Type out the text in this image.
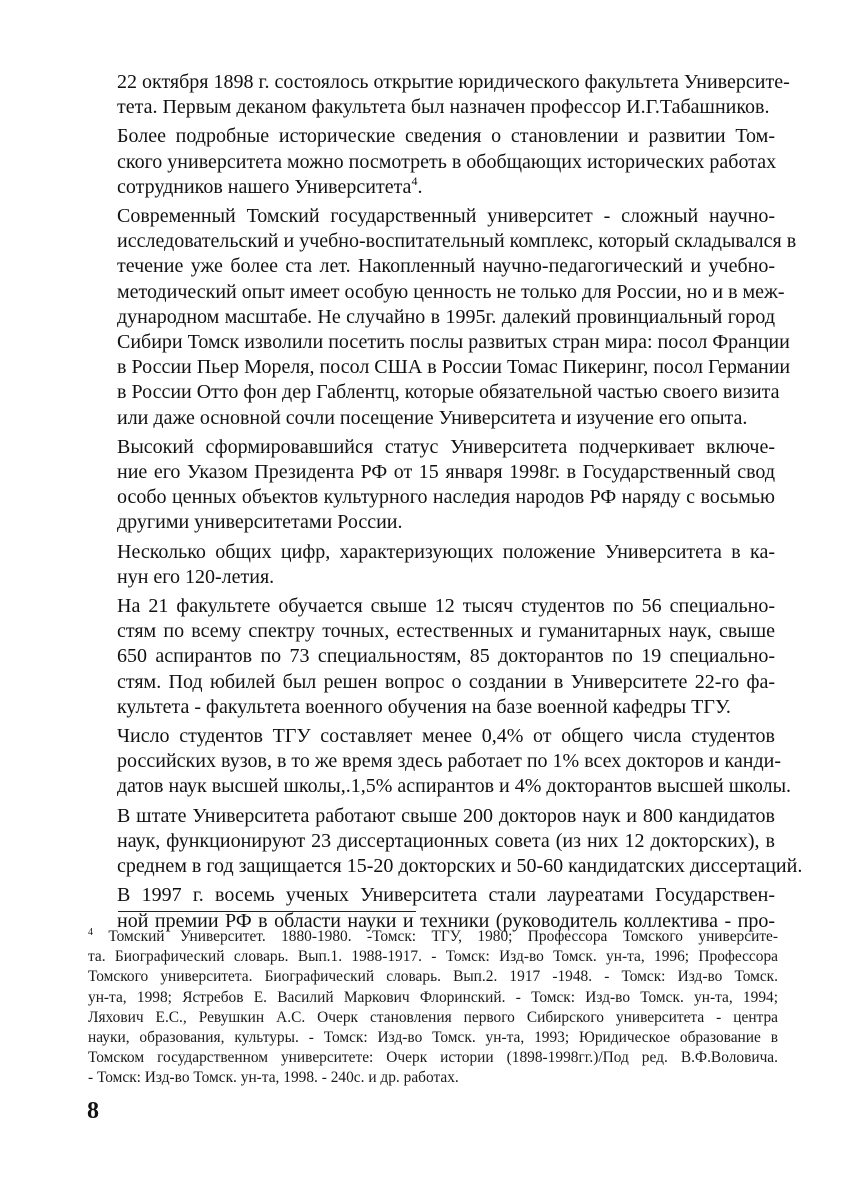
22 октября 1898 г. состоялось открытие юридического факультета Университе-
тета. Первым деканом факультета был назначен профессор И.Г.Табашников.

Более подробные исторические сведения о становлении и развитии Том-
ского университета можно посмотреть в обобщающих исторических работах
сотрудников нашего Университета$^4$.

Современный Томский государственный университет - сложный научно-
исследовательский и учебно-воспитательный комплекс, который складывался в
течение уже более ста лет. Накопленный научно-педагогический и учебно-
методический опыт имеет особую ценность не только для России, но и в меж-
дународном масштабе. Не случайно в 1995г. далекий провинциальный город
Сибири Томск изволили посетить послы развитых стран мира: посол Франции
в России Пьер Мореля, посол США в России Томас Пикеринг, посол Германии
в России Отто фон дер Габлентц, которые обязательной частью своего визита
или даже основной сочли посещение Университета и изучение его опыта.

Высокий сформировавшийся статус Университета подчеркивает включе-
ние его Указом Президента РФ от 15 января 1998г. в Государственный свод
особо ценных объектов культурного наследия народов РФ наряду с восьмью
другими университетами России.

Несколько общих цифр, характеризующих положение Университета в ка-
нун его 120-летия.

На 21 факультете обучается свыше 12 тысяч студентов по 56 специально-
стям по всему спектру точных, естественных и гуманитарных наук, свыше
650 аспирантов по 73 специальностям, 85 докторантов по 19 специально-
стям. Под юбилей был решен вопрос о создании в Университете 22-го фа-
культета - факультета военного обучения на базе военной кафедры ТГУ.

Число студентов ТГУ составляет менее 0,4% от общего числа студентов
российских вузов, в то же время здесь работает по 1% всех докторов и канди-
датов наук высшей школы,.1,5% аспирантов и 4% докторантов высшей школы.

В штате Университета работают свыше 200 докторов наук и 800 кандидатов
наук, функционируют 23 диссертационных совета (из них 12 докторских), в
среднем в год защищается 15-20 докторских и 50-60 кандидатских диссертаций.

В 1997 г. восемь ученых Университета стали лауреатами Государствен-
ной премии РФ в области науки и техники (руководитель коллектива - про-

$^4$ Томский Университет. 1880-1980. -Томск: ТГУ, 1980; Профессора Томского университе-
та. Биографический словарь. Вып.1. 1988-1917. - Томск: Изд-во Томск. ун-та, 1996; Профессора
Томского университета. Биографический словарь. Вып.2. 1917 -1948. - Томск: Изд-во Томск.
ун-та, 1998; Ястребов Е. Василий Маркович Флоринский. - Томск: Изд-во Томск. ун-та, 1994;
Ляхович Е.С., Ревушкин А.С. Очерк становления первого Сибирского университета - центра
науки, образования, культуры. - Томск: Изд-во Томск. ун-та, 1993; Юридическое образование в
Томском государственном университете: Очерк истории (1898-1998гг.)/Под ред. В.Ф.Воловича.
- Томск: Изд-во Томск. ун-та, 1998. - 240с. и др. работах.
8
